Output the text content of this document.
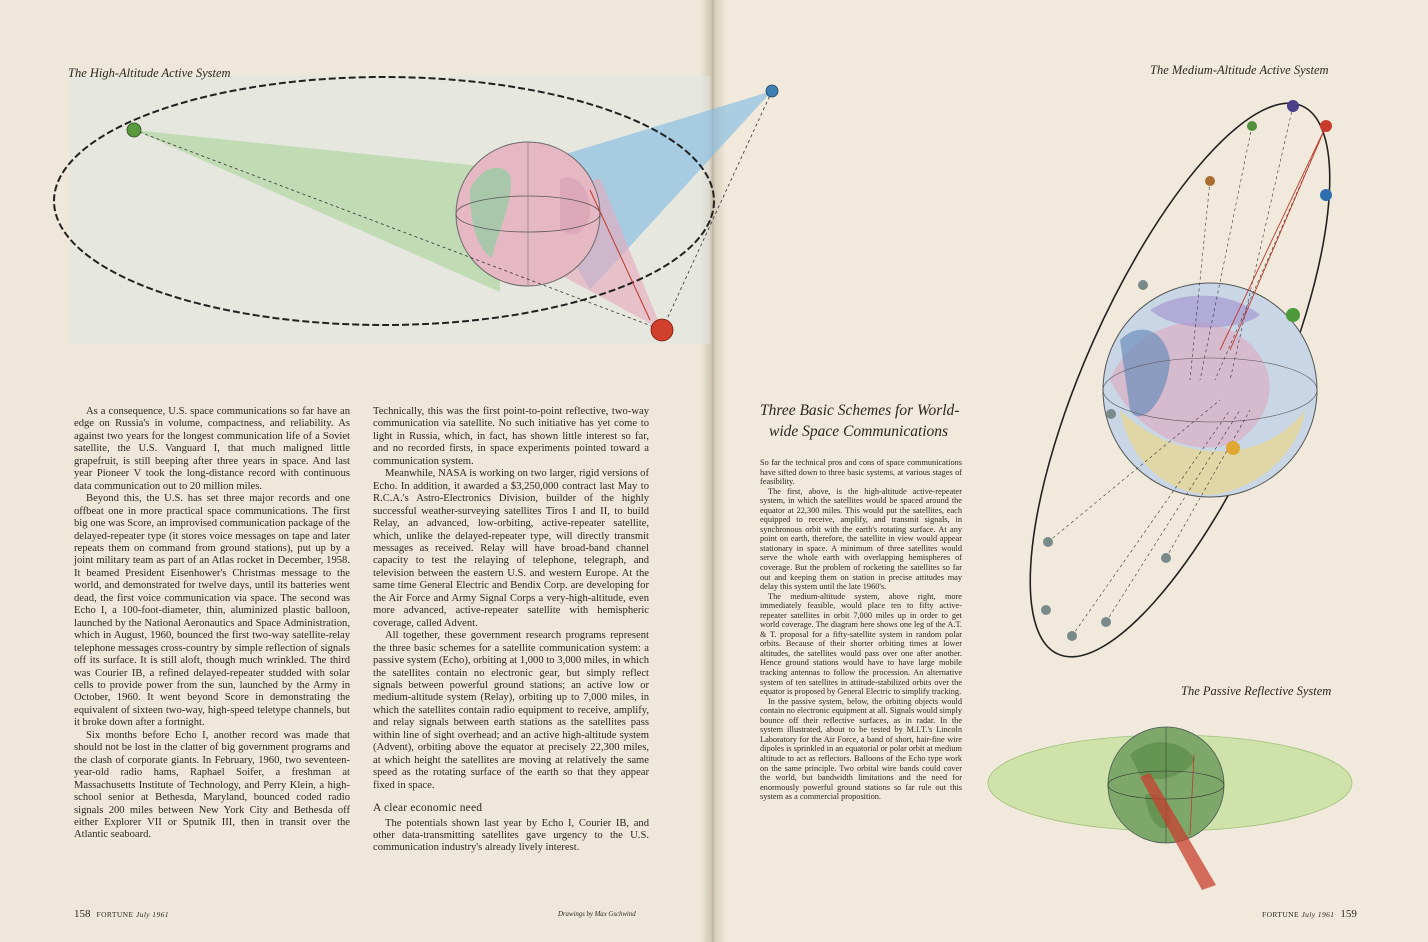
The High-Altitude Active System	The Medium-Altitude Active System
The Passive Reflective System

As a consequence, U.S. space communications so far have an edge on Russia's in volume, compactness, and reliability. As against two years for the longest communication life of a Soviet satellite, the U.S. Vanguard I, that much maligned little grapefruit, is still beeping after three years in space. And last year Pioneer V took the long-distance record with continuous data communication out to 20 million miles.

Beyond this, the U.S. has set three major records and one offbeat one in more practical space communications. The first big one was Score, an improvised communication package of the delayed-repeater type (it stores voice messages on tape and later repeats them on command from ground stations), put up by a joint military team as part of an Atlas rocket in December, 1958. It beamed President Eisenhower's Christmas message to the world, and demonstrated for twelve days, until its batteries went dead, the first voice communication via space. The second was Echo I, a 100-foot-diameter, thin, aluminized plastic balloon, launched by the National Aeronautics and Space Administration, which in August, 1960, bounced the first two-way satellite-relay telephone messages cross-country by simple reflection of signals off its surface. It is still aloft, though much wrinkled. The third was Courier IB, a refined delayed-repeater studded with solar cells to provide power from the sun, launched by the Army in October, 1960. It went beyond Score in demonstrating the equivalent of sixteen two-way, high-speed teletype channels, but it broke down after a fortnight.

Six months before Echo I, another record was made that should not be lost in the clatter of big government programs and the clash of corporate giants. In February, 1960, two seventeen-year-old radio hams, Raphael Soifer, a freshman at Massachusetts Institute of Technology, and Perry Klein, a high-school senior at Bethesda, Maryland, bounced coded radio signals 200 miles between New York City and Bethesda off either Explorer VII or Sputnik III, then in transit over the Atlantic seaboard.

Technically, this was the first point-to-point reflective, two-way communication via satellite. No such initiative has yet come to light in Russia, which, in fact, has shown little interest so far, and no recorded firsts, in space experiments pointed toward a communication system.

Meanwhile, NASA is working on two larger, rigid versions of Echo. In addition, it awarded a $3,250,000 contract last May to R.C.A.'s Astro-Electronics Division, builder of the highly successful weather-surveying satellites Tiros I and II, to build Relay, an advanced, low-orbiting, active-repeater satellite, which, unlike the delayed-repeater type, will directly transmit messages as received. Relay will have broad-band channel capacity to test the relaying of telephone, telegraph, and television between the eastern U.S. and western Europe. At the same time General Electric and Bendix Corp. are developing for the Air Force and Army Signal Corps a very-high-altitude, even more advanced, active-repeater satellite with hemispheric coverage, called Advent.

All together, these government research programs represent the three basic schemes for a satellite communication system: a passive system (Echo), orbiting at 1,000 to 3,000 miles, in which the satellites contain no electronic gear, but simply reflect signals between powerful ground stations; an active low or medium-altitude system (Relay), orbiting up to 7,000 miles, in which the satellites contain radio equipment to receive, amplify, and relay signals between earth stations as the satellites pass within line of sight overhead; and an active high-altitude system (Advent), orbiting above the equator at precisely 22,300 miles, at which height the satellites are moving at relatively the same speed as the rotating surface of the earth so that they appear fixed in space.

A clear economic need

The potentials shown last year by Echo I, Courier IB, and other data-transmitting satellites gave urgency to the U.S. communication industry's already lively interest.

Three Basic Schemes for World-
wide Space Communications

So far the technical pros and cons of space communications have sifted down to three basic systems, at various stages of feasibility.

The first, above, is the high-altitude active-repeater system, in which the satellites would be spaced around the equator at 22,300 miles. This would put the satellites, each equipped to receive, amplify, and transmit signals, in synchronous orbit with the earth's rotating surface. At any point on earth, therefore, the satellite in view would appear stationary in space. A minimum of three satellites would serve the whole earth with overlapping hemispheres of coverage. But the problem of rocketing the satellites so far out and keeping them on station in precise attitudes may delay this system until the late 1960's.

The medium-altitude system, above right, more immediately feasible, would place ten to fifty active-repeater satellites in orbit 7,000 miles up in order to get world coverage. The diagram here shows one leg of the A.T. & T. proposal for a fifty-satellite system in random polar orbits. Because of their shorter orbiting times at lower altitudes, the satellites would pass over one after another. Hence ground stations would have to have large mobile tracking antennas to follow the procession. An alternative system of ten satellites in attitude-stabilized orbits over the equator is proposed by General Electric to simplify tracking.

In the passive system, below, the orbiting objects would contain no electronic equipment at all. Signals would simply bounce off their reflective surfaces, as in radar. In the system illustrated, about to be tested by M.I.T.'s Lincoln Laboratory for the Air Force, a band of short, hair-fine wire dipoles is sprinkled in an equatorial or polar orbit at medium altitude to act as reflectors. Balloons of the Echo type work on the same principle. Two orbital wire bands could cover the world, but bandwidth limitations and the need for enormously powerful ground stations so far rule out this system as a commercial proposition.

158 FORTUNE July 1961	Drawings by Max Gschwind	FORTUNE July 1961 159
